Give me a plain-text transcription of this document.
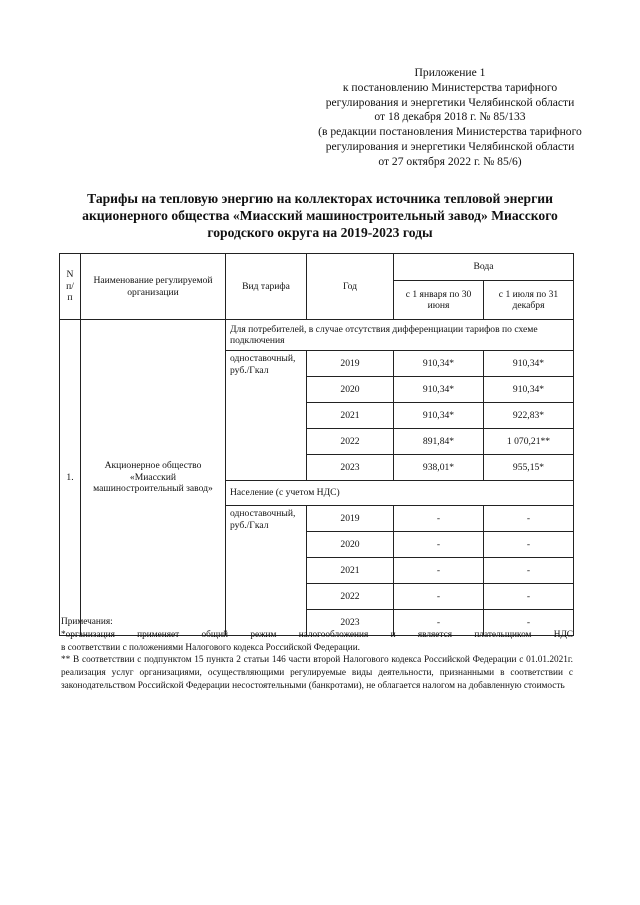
Приложение 1
к постановлению Министерства тарифного
регулирования и энергетики Челябинской области
от 18 декабря 2018 г. № 85/133
(в редакции постановления Министерства тарифного
регулирования и энергетики Челябинской области
от 27 октября 2022 г. № 85/6)
Тарифы на тепловую энергию на коллекторах источника тепловой энергии
акционерного общества «Миасский машиностроительный завод» Миасского
городского округа на 2019-2023 годы
N п/п	Наименование регулируемой организации	Вид тарифа	Год	Вода	
				с 1 января по 30 июня	с 1 июля по 31 декабря
1.	Акционерное общество «Миасский машиностроительный завод»	Для потребителей, в случае отсутствия дифференциации тарифов по схеме подключения			
		одноставочный, руб./Гкал	2019	910,34*	910,34*
			2020	910,34*	910,34*
			2021	910,34*	922,83*
			2022	891,84*	1 070,21**
			2023	938,01*	955,15*
		Население (с учетом НДС)			
		одноставочный, руб./Гкал	2019	-	-
			2020	-	-
			2021	-	-
			2022	-	-
			2023	-	-

Примечания:

*организация применяет общий режим налогообложения и является плательщиком НДС

в соответствии с положениями Налогового кодекса Российской Федерации.

** В соответствии с подпунктом 15 пункта 2 статьи 146 части второй Налогового кодекса Российской Федерации с 01.01.2021г. реализация услуг организациями, осуществляющими регулируемые виды деятельности, признанными в соответствии с законодательством Российской Федерации несостоятельными (банкротами), не облагается налогом на добавленную стоимость
